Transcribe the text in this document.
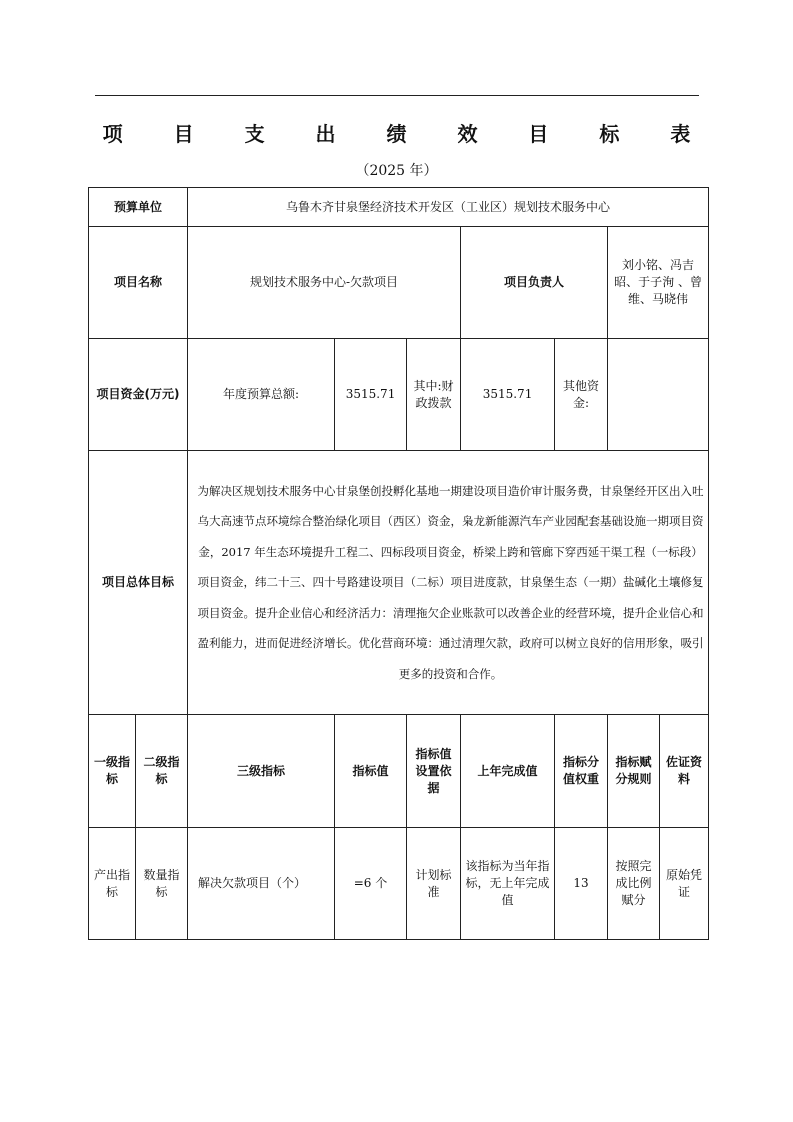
项 目 支 出 绩 效 目 标 表
（2025 年）
预算单位		乌鲁木齐甘泉堡经济技术开发区（工业区）规划技术服务中心						
项目名称		规划技术服务中心-欠款项目			项目负责人		刘小铭、冯吉昭、于子洵 、曾维、马晓伟	
项目资金(万元)		年度预算总额:	3515.71	其中:财政拨款	3515.71	其他资金:		
项目总体目标		为解决区规划技术服务中心甘泉堡创投孵化基地一期建设项目造价审计服务费，甘泉堡经开区出入吐乌大高速节点环境综合整治绿化项目（西区）资金，枭龙新能源汽车产业园配套基础设施一期项目资金，2017 年生态环境提升工程二、四标段项目资金，桥梁上跨和管廊下穿西延干渠工程（一标段）项目资金，纬二十三、四十号路建设项目（二标）项目进度款，甘泉堡生态（一期）盐碱化土壤修复项目资金。提升企业信心和经济活力：清理拖欠企业账款可以改善企业的经营环境，提升企业信心和盈利能力，进而促进经济增长。优化营商环境：通过清理欠款，政府可以树立良好的信用形象，吸引更多的投资和合作。						
一级指标	二级指标	三级指标	指标值	指标值设置依据	上年完成值	指标分值权重	指标赋分规则	佐证资料
产出指标	数量指标	解决欠款项目（个）	=6 个	计划标准	该指标为当年指标，无上年完成值	13	按照完成比例赋分	原始凭证
